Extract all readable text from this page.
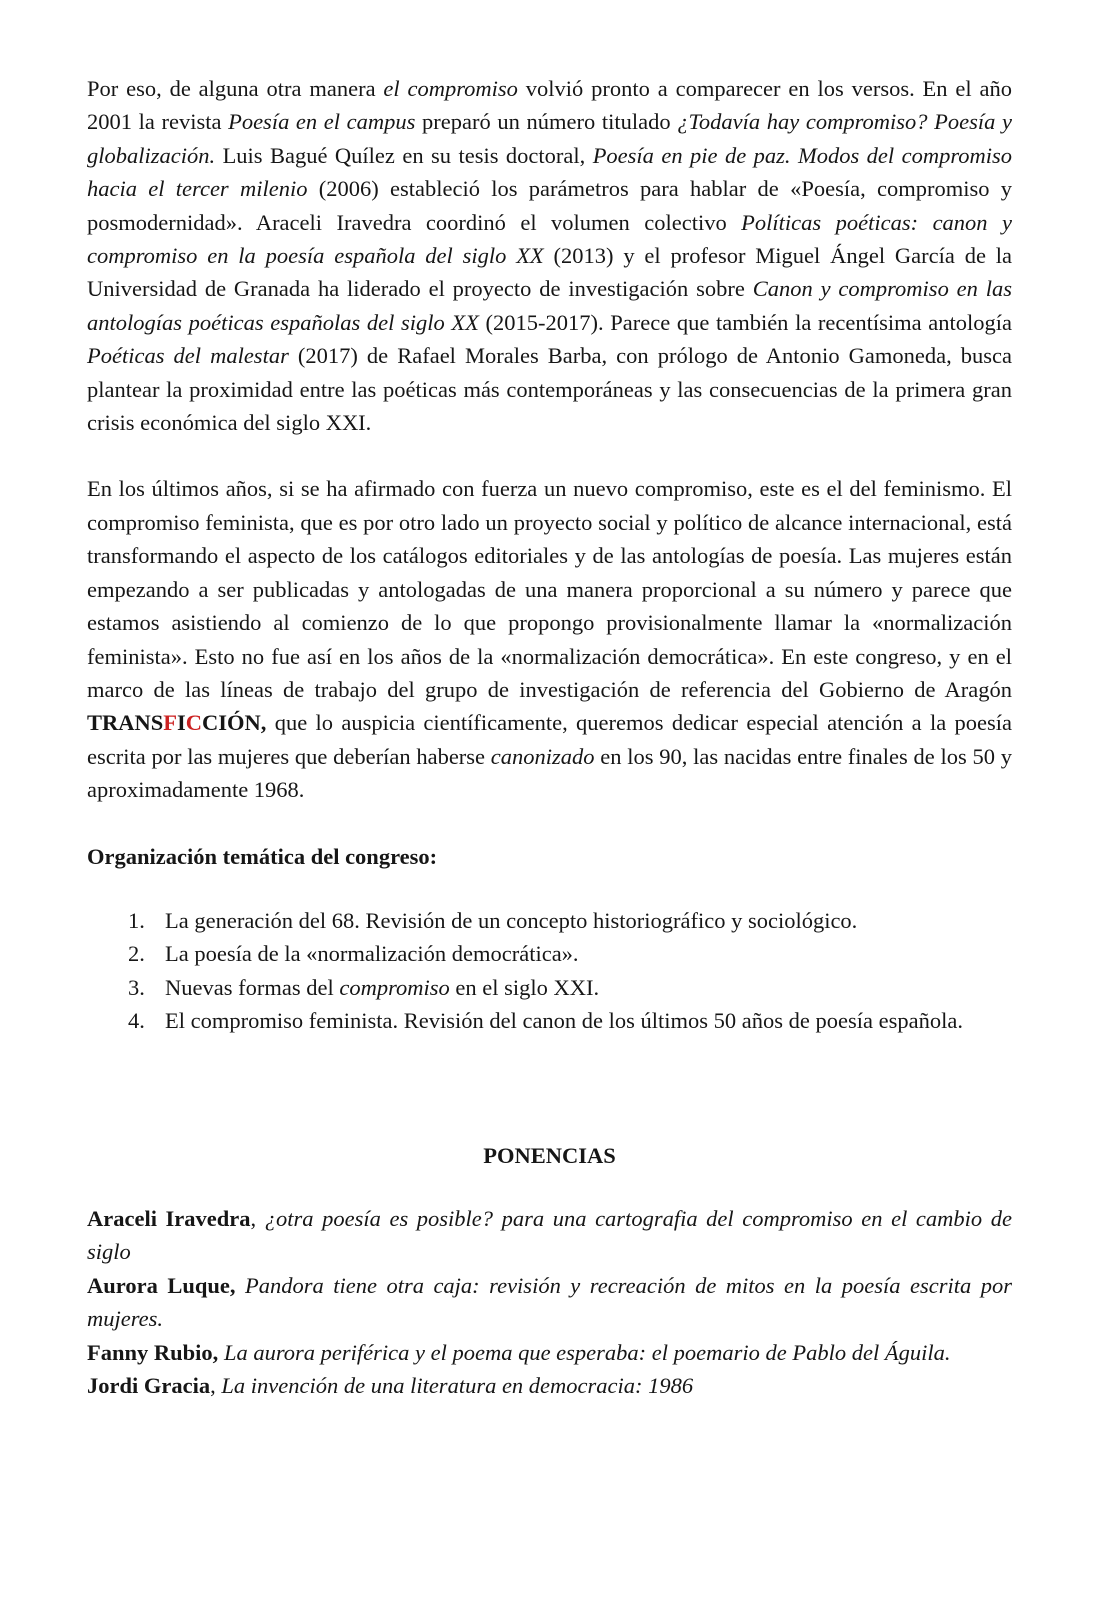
Por eso, de alguna otra manera el compromiso volvió pronto a comparecer en los versos. En el año 2001 la revista Poesía en el campus preparó un número titulado ¿Todavía hay compromiso? Poesía y globalización. Luis Bagué Quílez en su tesis doctoral, Poesía en pie de paz. Modos del compromiso hacia el tercer milenio (2006) estableció los parámetros para hablar de «Poesía, compromiso y posmodernidad». Araceli Iravedra coordinó el volumen colectivo Políticas poéticas: canon y compromiso en la poesía española del siglo XX (2013) y el profesor Miguel Ángel García de la Universidad de Granada ha liderado el proyecto de investigación sobre Canon y compromiso en las antologías poéticas españolas del siglo XX (2015-2017). Parece que también la recentísima antología Poéticas del malestar (2017) de Rafael Morales Barba, con prólogo de Antonio Gamoneda, busca plantear la proximidad entre las poéticas más contemporáneas y las consecuencias de la primera gran crisis económica del siglo XXI.

En los últimos años, si se ha afirmado con fuerza un nuevo compromiso, este es el del feminismo. El compromiso feminista, que es por otro lado un proyecto social y político de alcance internacional, está transformando el aspecto de los catálogos editoriales y de las antologías de poesía. Las mujeres están empezando a ser publicadas y antologadas de una manera proporcional a su número y parece que estamos asistiendo al comienzo de lo que propongo provisionalmente llamar la «normalización feminista». Esto no fue así en los años de la «normalización democrática». En este congreso, y en el marco de las líneas de trabajo del grupo de investigación de referencia del Gobierno de Aragón TRANSFICCIÓN, que lo auspicia científicamente, queremos dedicar especial atención a la poesía escrita por las mujeres que deberían haberse canonizado en los 90, las nacidas entre finales de los 50 y aproximadamente 1968.

Organización temática del congreso:
1. La generación del 68. Revisión de un concepto historiográfico y sociológico.
2. La poesía de la «normalización democrática».
3. Nuevas formas del compromiso en el siglo XXI.
4. El compromiso feminista. Revisión del canon de los últimos 50 años de poesía española.

PONENCIAS

Araceli Iravedra, ¿otra poesía es posible? para una cartografia del compromiso en el cambio de siglo

Aurora Luque, Pandora tiene otra caja: revisión y recreación de mitos en la poesía escrita por mujeres.

Fanny Rubio, La aurora periférica y el poema que esperaba: el poemario de Pablo del Águila.

Jordi Gracia, La invención de una literatura en democracia: 1986
